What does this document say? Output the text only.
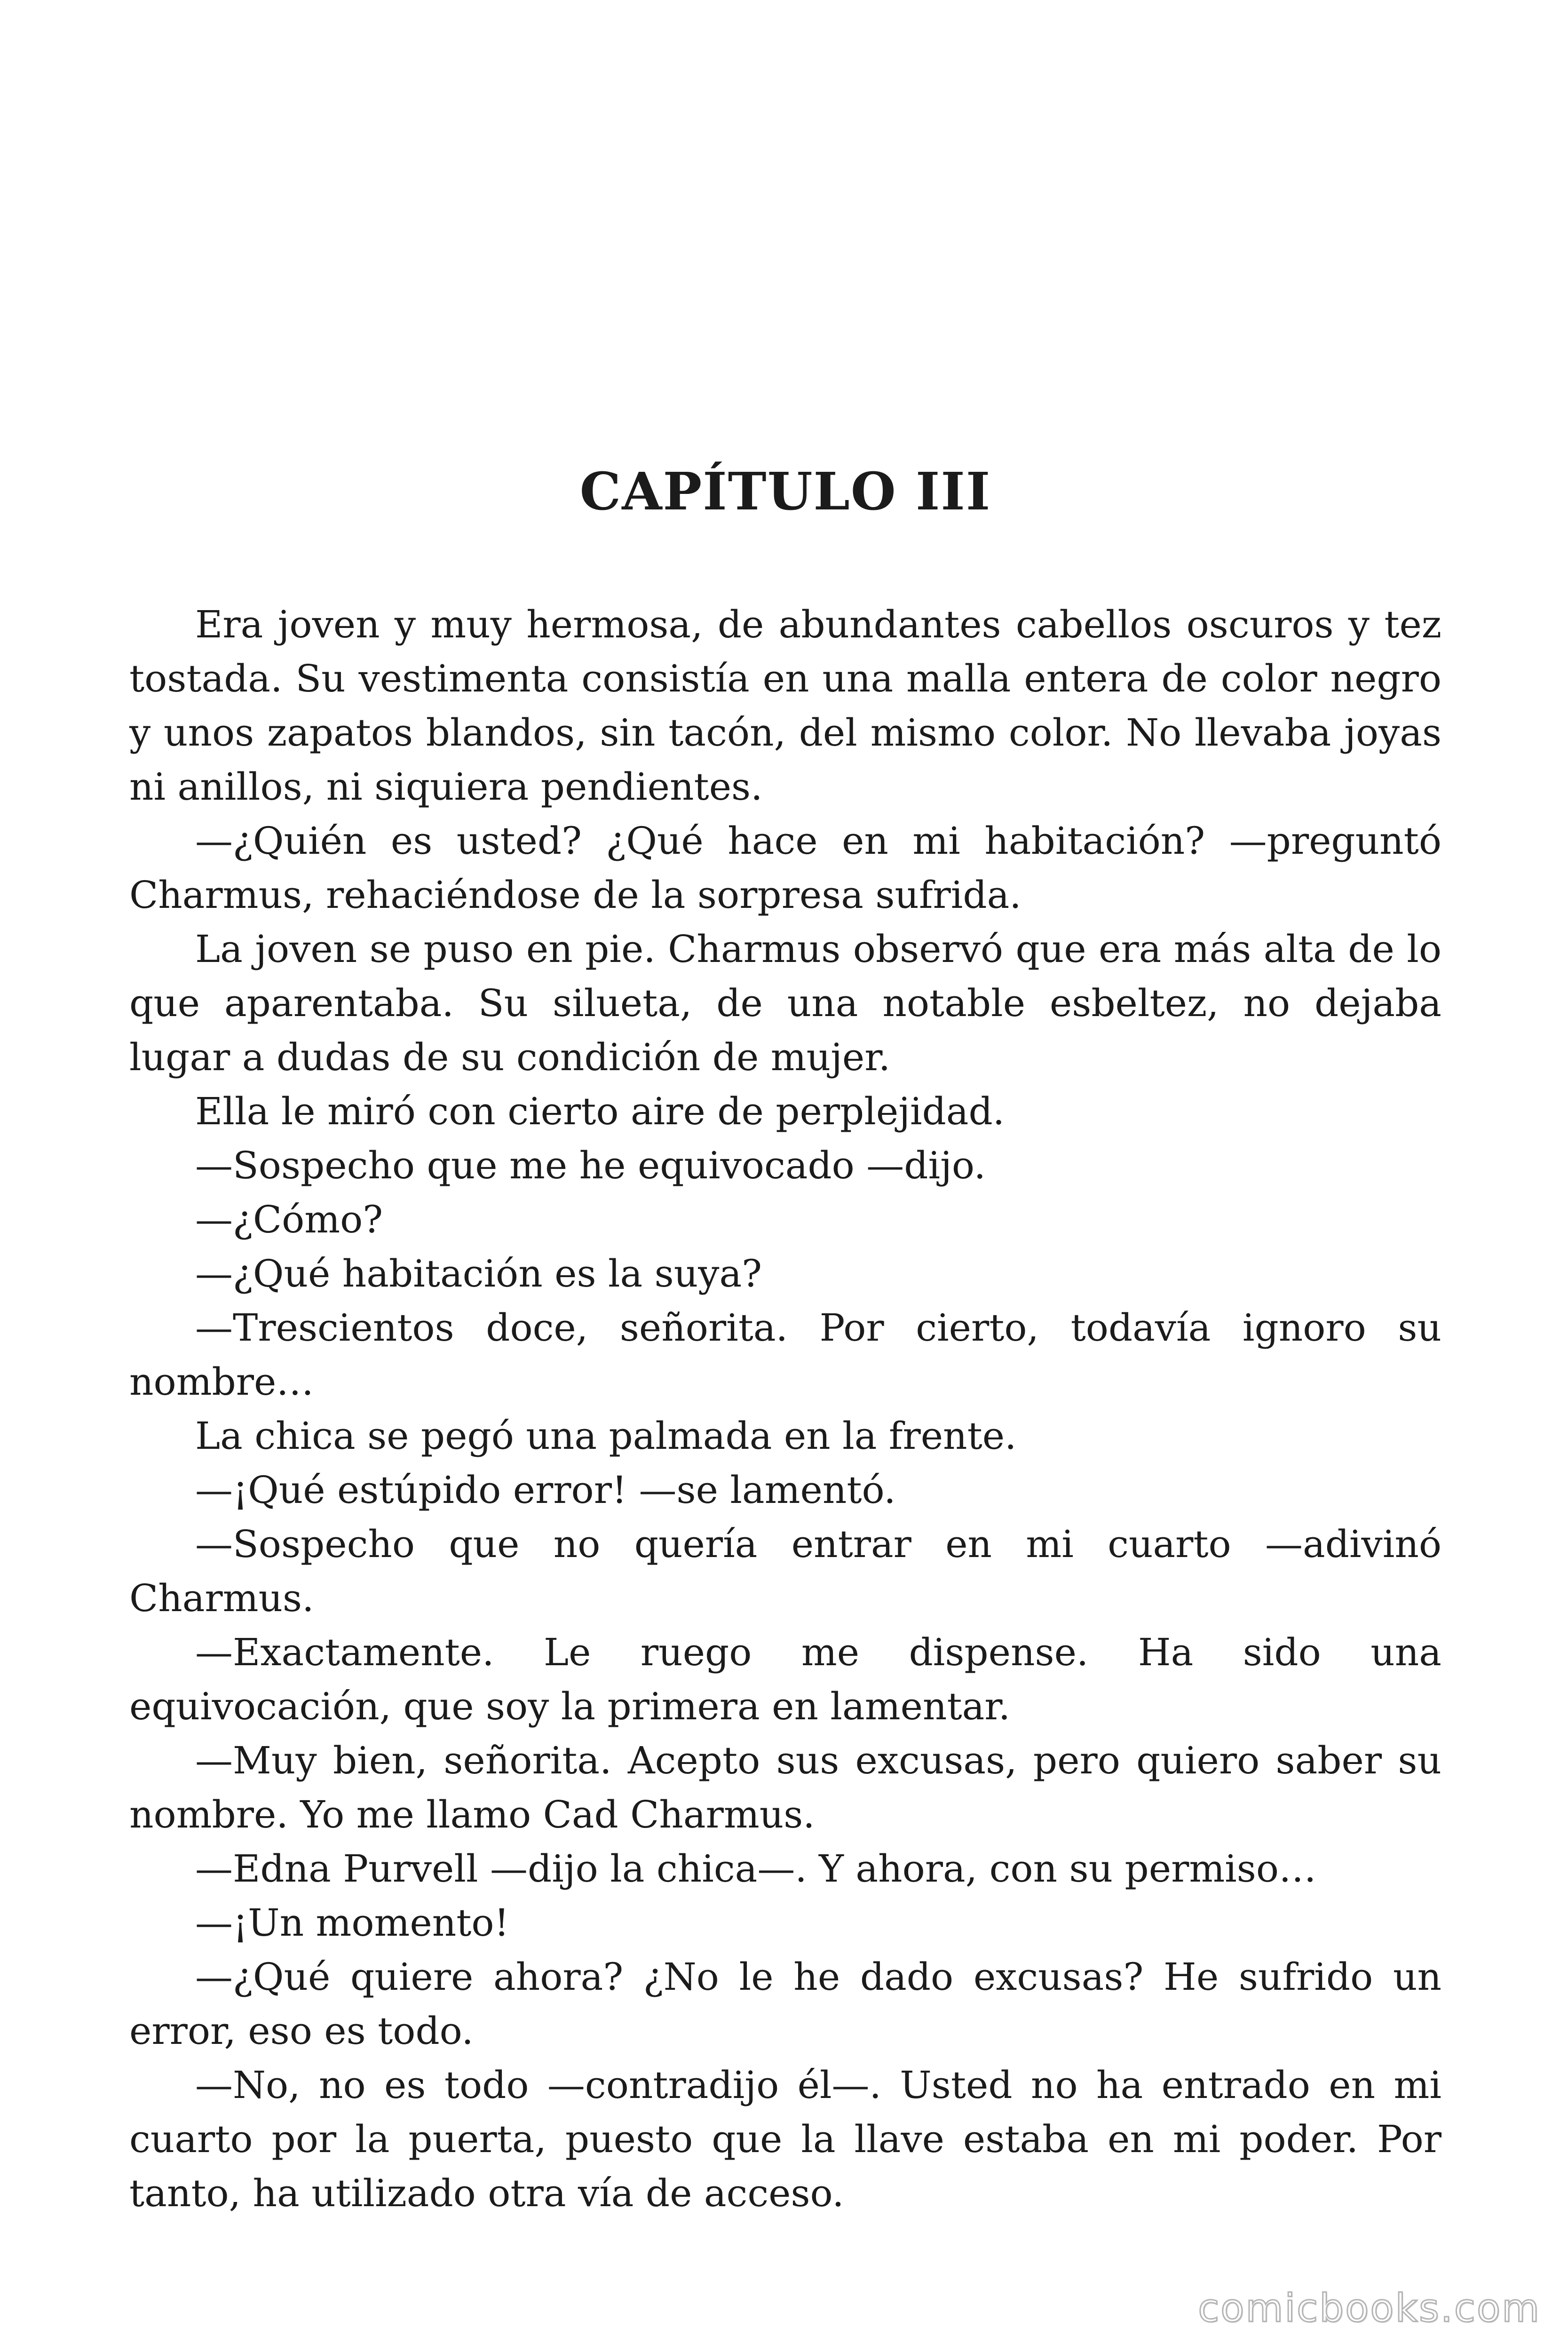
CAPÍTULO III

Era joven y muy hermosa, de abundantes cabellos oscuros y tez tostada. Su vestimenta consistía en una malla entera de color negro y unos zapatos blandos, sin tacón, del mismo color. No llevaba joyas ni anillos, ni siquiera pendientes.

—¿Quién es usted? ¿Qué hace en mi habitación? —preguntó Charmus, rehaciéndose de la sorpresa sufrida.

La joven se puso en pie. Charmus observó que era más alta de lo que aparentaba. Su silueta, de una notable esbeltez, no dejaba lugar a dudas de su condición de mujer.

Ella le miró con cierto aire de perplejidad.

—Sospecho que me he equivocado —dijo.

—¿Cómo?

—¿Qué habitación es la suya?

—Trescientos doce, señorita. Por cierto, todavía ignoro su nombre…

La chica se pegó una palmada en la frente.

—¡Qué estúpido error! —se lamentó.

—Sospecho que no quería entrar en mi cuarto —adivinó Charmus.

—Exactamente. Le ruego me dispense. Ha sido una equivocación, que soy la primera en lamentar.

—Muy bien, señorita. Acepto sus excusas, pero quiero saber su nombre. Yo me llamo Cad Charmus.

—Edna Purvell —dijo la chica—. Y ahora, con su permiso…

—¡Un momento!

—¿Qué quiere ahora? ¿No le he dado excusas? He sufrido un error, eso es todo.

—No, no es todo —contradijo él—. Usted no ha entrado en mi cuarto por la puerta, puesto que la llave estaba en mi poder. Por tanto, ha utilizado otra vía de acceso.

comicbooks.com
